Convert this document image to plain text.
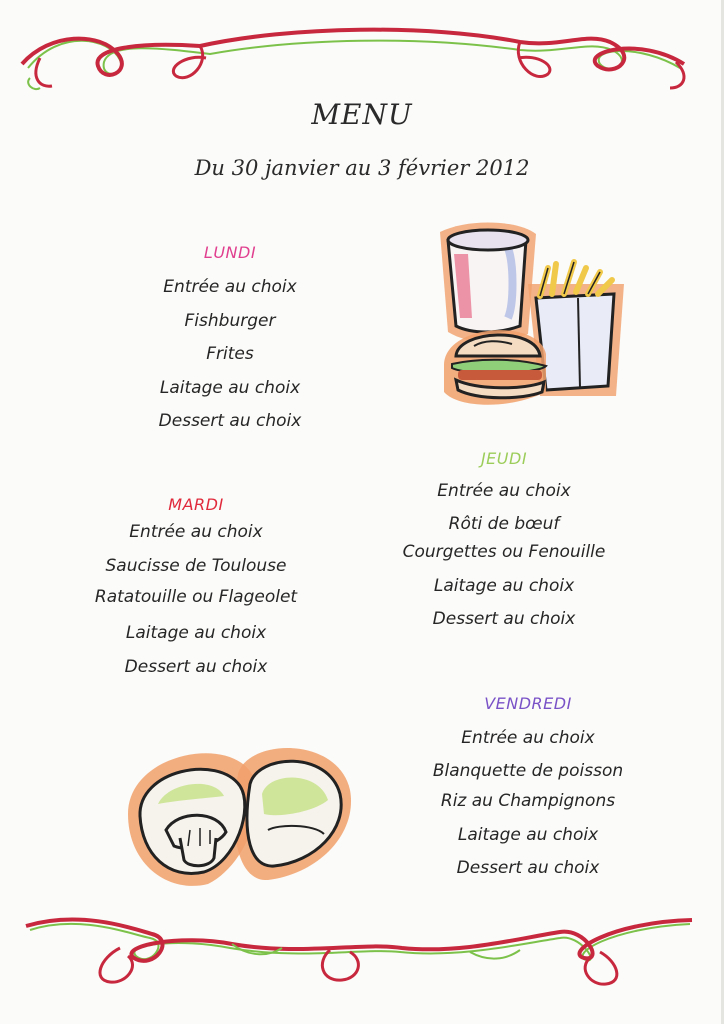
MENU
Du 30 janvier au 3 février 2012
LUNDI
Entrée au choix
Fishburger
Frites
Laitage au choix
Dessert au choix
MARDI
Entrée au choix
Saucisse de Toulouse
Ratatouille ou Flageolet
Laitage au choix
Dessert au choix
JEUDI
Entrée au choix
Rôti de bœuf
Courgettes ou Fenouille
Laitage au choix
Dessert au choix
VENDREDI
Entrée au choix
Blanquette de poisson
Riz au Champignons
Laitage au choix
Dessert au choix
